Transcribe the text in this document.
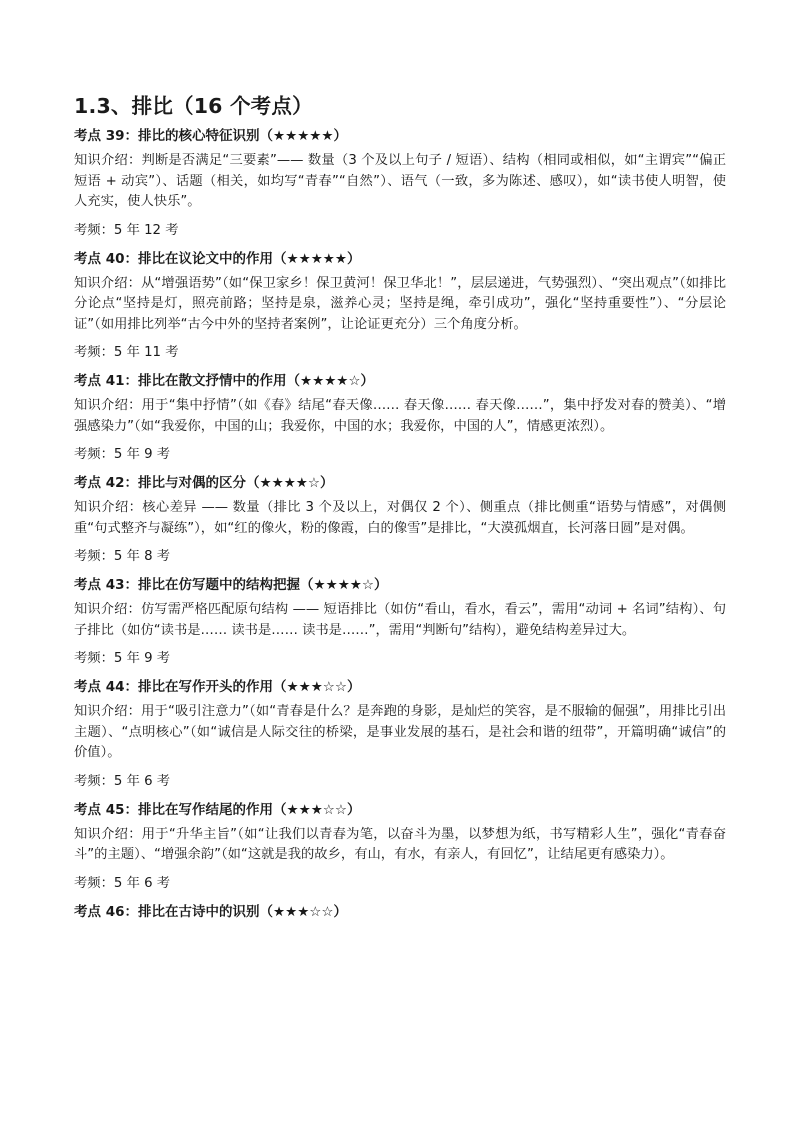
1.3、排比（16 个考点）
考点 39：排比的核心特征识别（★★★★★）
知识介绍：判断是否满足“三要素”—— 数量（3 个及以上句子 / 短语）、结构（相同或相似，如“主谓宾”“偏正短语 + 动宾”）、话题（相关，如均写“青春”“自然”）、语气（一致，多为陈述、感叹），如“读书使人明智，使人充实，使人快乐”。
考频：5 年 12 考
考点 40：排比在议论文中的作用（★★★★★）
知识介绍：从“增强语势”（如“保卫家乡！保卫黄河！保卫华北！”，层层递进，气势强烈）、“突出观点”（如排比分论点“坚持是灯，照亮前路；坚持是泉，滋养心灵；坚持是绳，牵引成功”，强化“坚持重要性”）、“分层论证”（如用排比列举“古今中外的坚持者案例”，让论证更充分）三个角度分析。
考频：5 年 11 考
考点 41：排比在散文抒情中的作用（★★★★☆）
知识介绍：用于“集中抒情”（如《春》结尾“春天像…… 春天像…… 春天像……”，集中抒发对春的赞美）、“增强感染力”（如“我爱你，中国的山；我爱你，中国的水；我爱你，中国的人”，情感更浓烈）。
考频：5 年 9 考
考点 42：排比与对偶的区分（★★★★☆）
知识介绍：核心差异 —— 数量（排比 3 个及以上，对偶仅 2 个）、侧重点（排比侧重“语势与情感”，对偶侧重“句式整齐与凝练”），如“红的像火，粉的像霞，白的像雪”是排比，“大漠孤烟直，长河落日圆”是对偶。
考频：5 年 8 考
考点 43：排比在仿写题中的结构把握（★★★★☆）
知识介绍：仿写需严格匹配原句结构 —— 短语排比（如仿“看山，看水，看云”，需用“动词 + 名词”结构）、句子排比（如仿“读书是…… 读书是…… 读书是……”，需用“判断句”结构），避免结构差异过大。
考频：5 年 9 考
考点 44：排比在写作开头的作用（★★★☆☆）
知识介绍：用于“吸引注意力”（如“青春是什么？是奔跑的身影，是灿烂的笑容，是不服输的倔强”，用排比引出主题）、“点明核心”（如“诚信是人际交往的桥梁，是事业发展的基石，是社会和谐的纽带”，开篇明确“诚信”的价值）。
考频：5 年 6 考
考点 45：排比在写作结尾的作用（★★★☆☆）
知识介绍：用于“升华主旨”（如“让我们以青春为笔，以奋斗为墨，以梦想为纸，书写精彩人生”，强化“青春奋斗”的主题）、“增强余韵”（如“这就是我的故乡，有山，有水，有亲人，有回忆”，让结尾更有感染力）。
考频：5 年 6 考
考点 46：排比在古诗中的识别（★★★☆☆）
